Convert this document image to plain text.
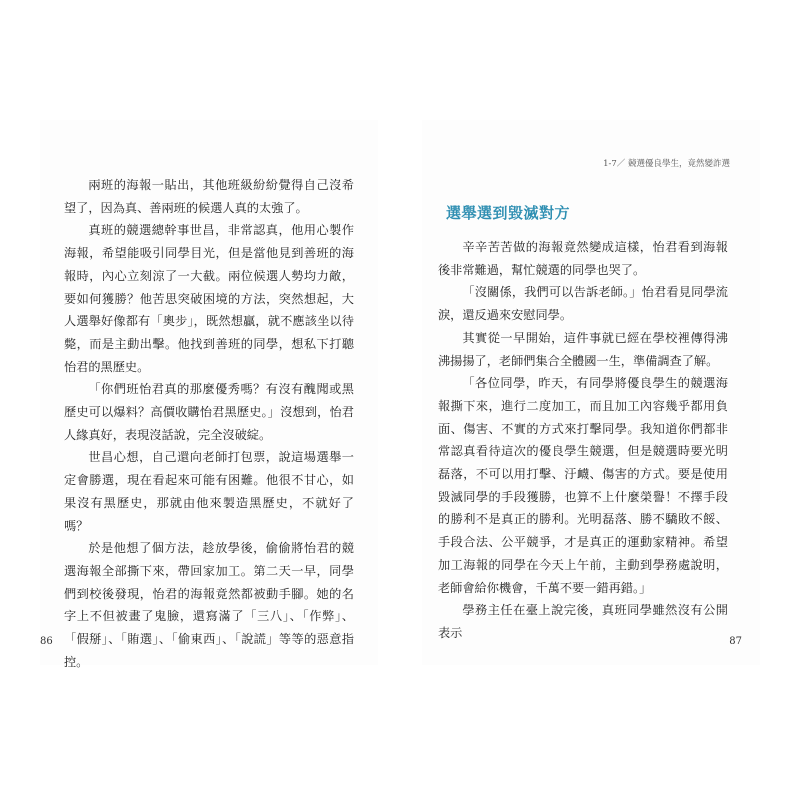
兩班的海報一貼出，其他班級紛紛覺得自己沒希望了，因為真、善兩班的候選人真的太強了。

真班的競選總幹事世昌，非常認真，他用心製作海報，希望能吸引同學目光，但是當他見到善班的海報時，內心立刻涼了一大截。兩位候選人勢均力敵，要如何獲勝？他苦思突破困境的方法，突然想起，大人選舉好像都有「奧步」，既然想贏，就不應該坐以待斃，而是主動出擊。他找到善班的同學，想私下打聽怡君的黑歷史。

「你們班怡君真的那麼優秀嗎？有沒有醜聞或黑歷史可以爆料？高價收購怡君黑歷史。」沒想到，怡君人緣真好，表現沒話說，完全沒破綻。

世昌心想，自己還向老師打包票，說這場選舉一定會勝選，現在看起來可能有困難。他很不甘心，如果沒有黑歷史，那就由他來製造黑歷史，不就好了嗎？

於是他想了個方法，趁放學後，偷偷將怡君的競選海報全部撕下來，帶回家加工。第二天一早，同學們到校後發現，怡君的海報竟然都被動手腳。她的名字上不但被畫了鬼臉，還寫滿了「三八」、「作弊」、「假掰」、「賄選」、「偷東西」、「說謊」等等的惡意指控。

86
1-7／ 競選優良學生，竟然變詐選
選舉選到毀滅對方

辛辛苦苦做的海報竟然變成這樣，怡君看到海報後非常難過，幫忙競選的同學也哭了。

「沒關係，我們可以告訴老師。」怡君看見同學流淚，還反過來安慰同學。

其實從一早開始，這件事就已經在學校裡傳得沸沸揚揚了，老師們集合全體國一生，準備調查了解。

「各位同學，昨天，有同學將優良學生的競選海報撕下來，進行二度加工，而且加工內容幾乎都用負面、傷害、不實的方式來打擊同學。我知道你們都非常認真看待這次的優良學生競選，但是競選時要光明磊落，不可以用打擊、汙衊、傷害的方式。要是使用毀滅同學的手段獲勝，也算不上什麼榮譽！不擇手段的勝利不是真正的勝利。光明磊落、勝不驕敗不餒、手段合法、公平競爭，才是真正的運動家精神。希望加工海報的同學在今天上午前，主動到學務處說明，老師會給你機會，千萬不要一錯再錯。」

學務主任在臺上說完後，真班同學雖然沒有公開表示

87
